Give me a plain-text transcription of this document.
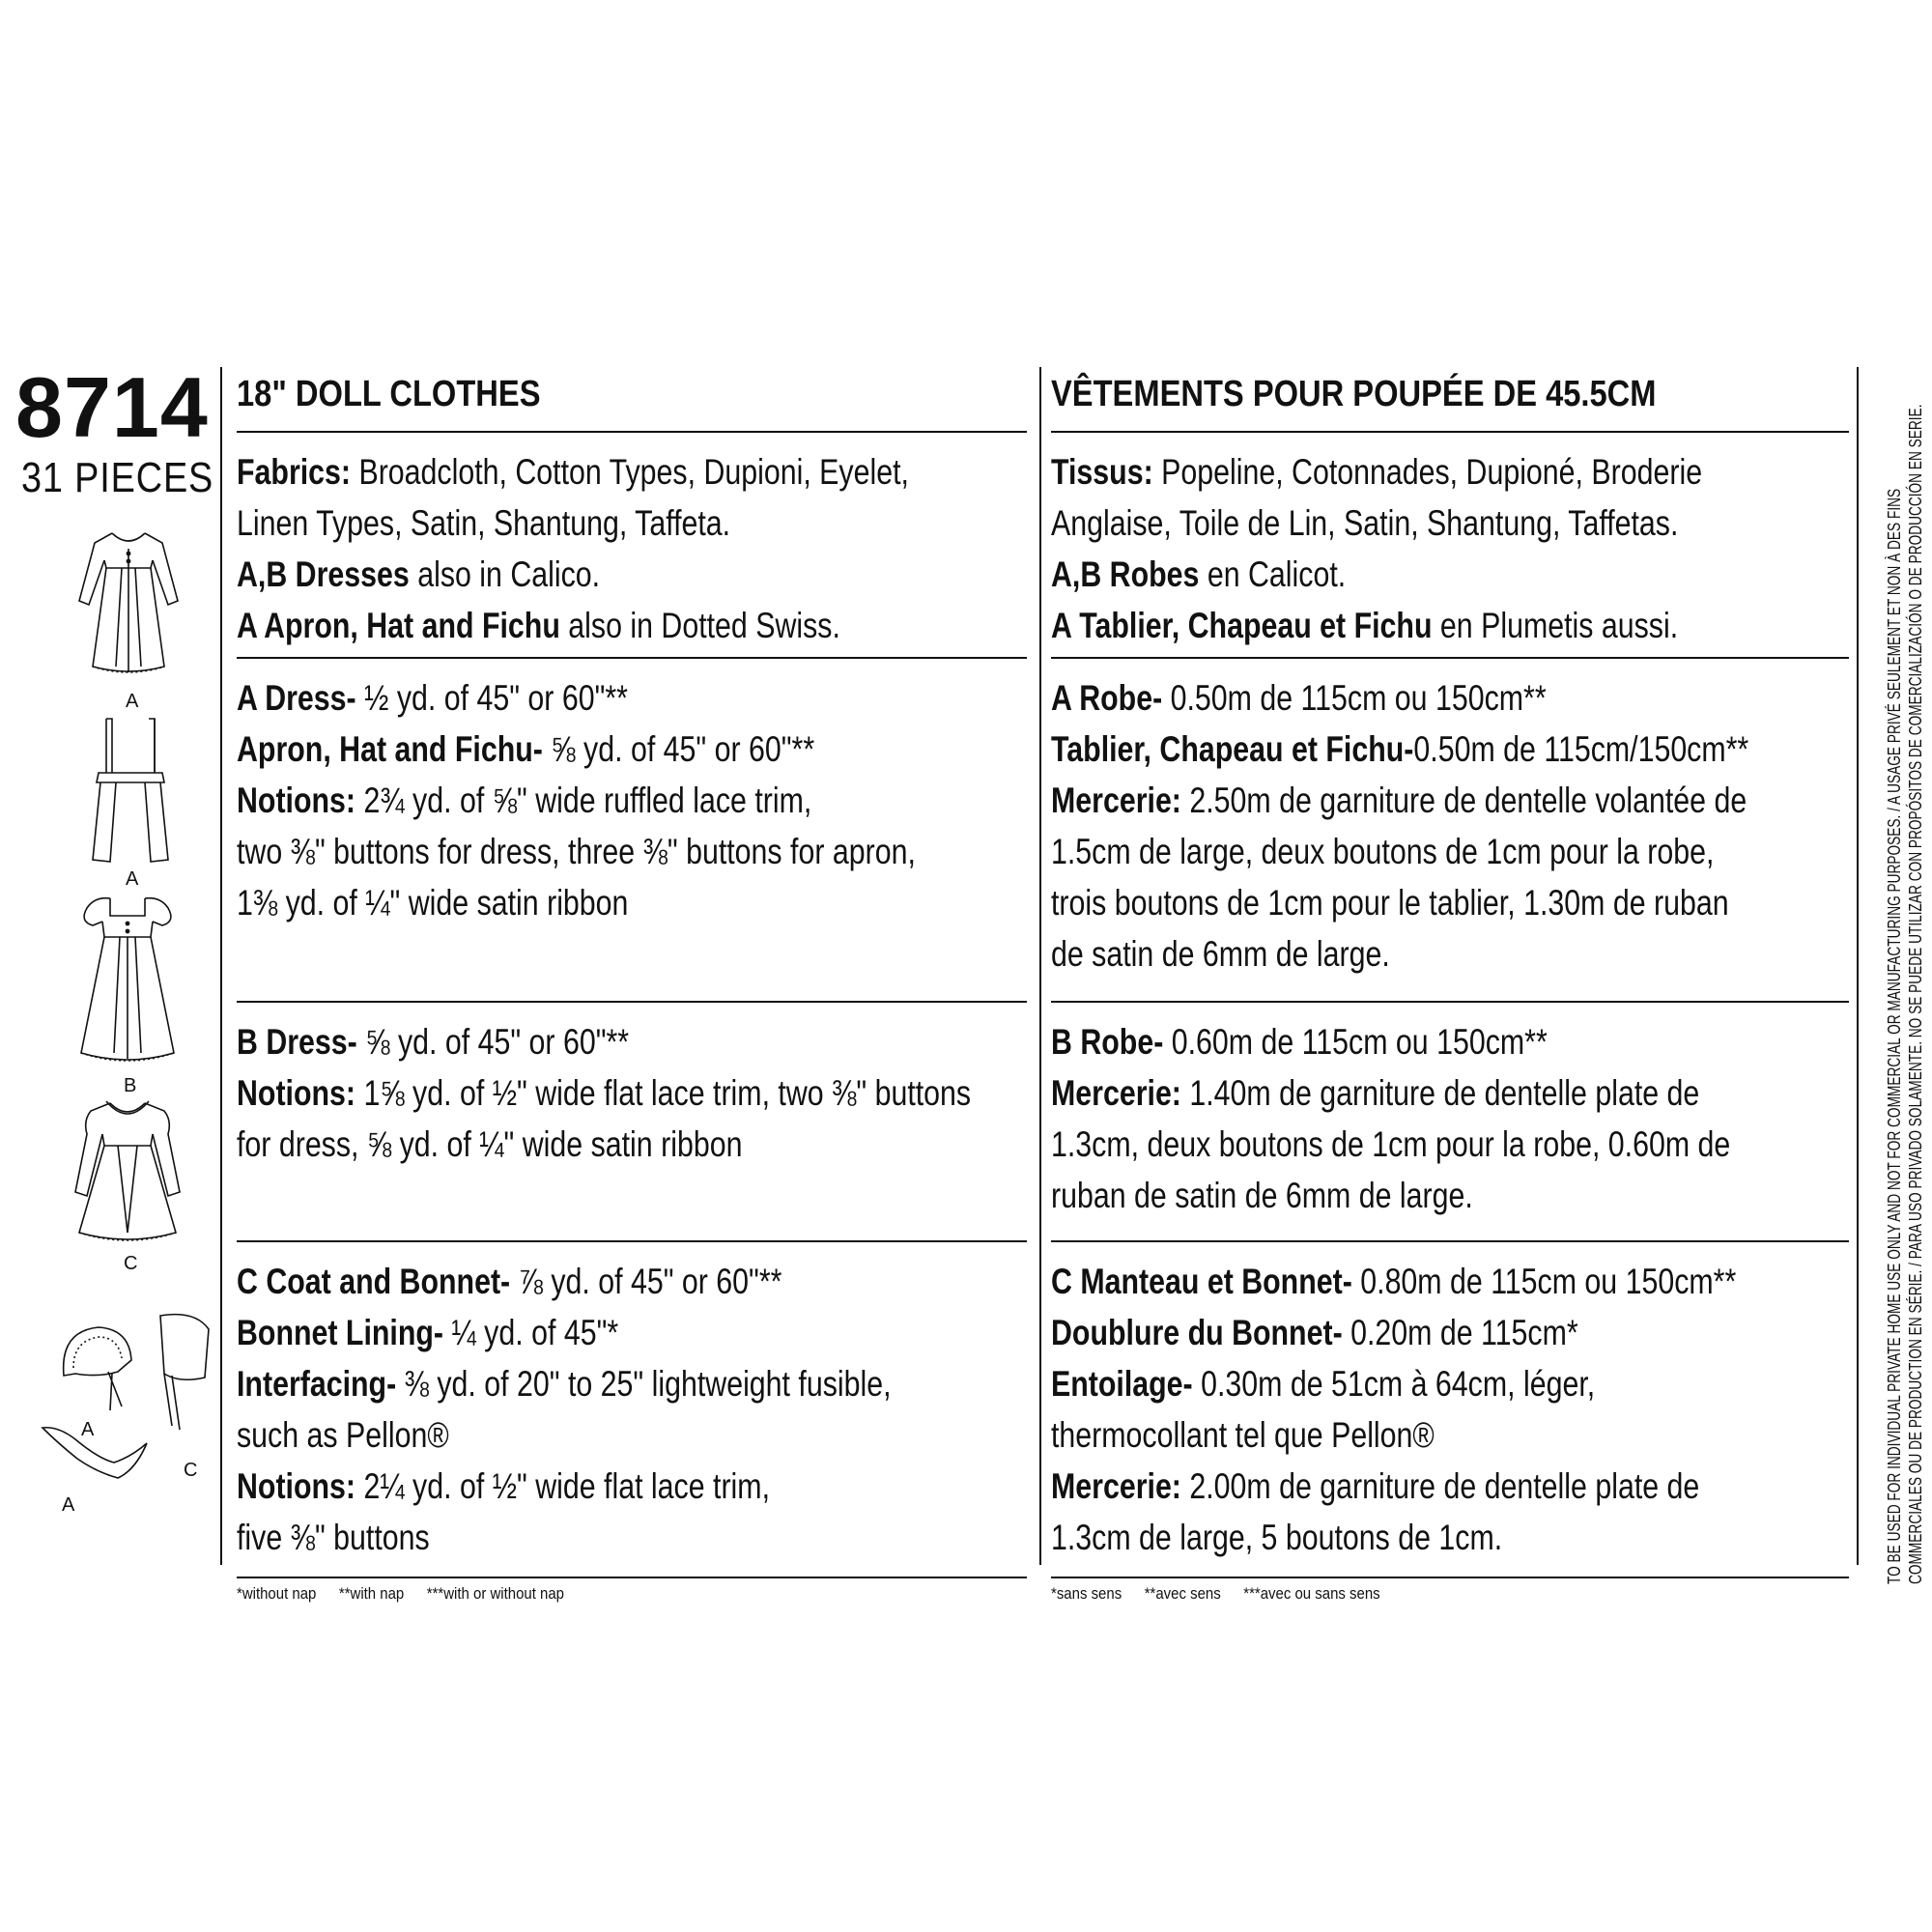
8714
31 PIECES
A
A
B
C
A
C
A
18" DOLL CLOTHES
Fabrics: Broadcloth, Cotton Types, Dupioni, Eyelet,
Linen Types, Satin, Shantung, Taffeta.
A,B Dresses also in Calico.
A Apron, Hat and Fichu also in Dotted Swiss.
A Dress- ½ yd. of 45" or 60"**
Apron, Hat and Fichu- ⅝ yd. of 45" or 60"**
Notions: 2¾ yd. of ⅝" wide ruffled lace trim,
two ⅜" buttons for dress, three ⅜" buttons for apron,
1⅜ yd. of ¼" wide satin ribbon
B Dress- ⅝ yd. of 45" or 60"**
Notions: 1⅝ yd. of ½" wide flat lace trim, two ⅜" buttons
for dress, ⅝ yd. of ¼" wide satin ribbon
C Coat and Bonnet- ⅞ yd. of 45" or 60"**
Bonnet Lining- ¼ yd. of 45"*
Interfacing- ⅜ yd. of 20" to 25" lightweight fusible,
such as Pellon®
Notions: 2¼ yd. of ½" wide flat lace trim,
five ⅜" buttons
*without nap **with nap ***with or without nap
VÊTEMENTS POUR POUPÉE DE 45.5CM
Tissus: Popeline, Cotonnades, Dupioné, Broderie
Anglaise, Toile de Lin, Satin, Shantung, Taffetas.
A,B Robes en Calicot.
A Tablier, Chapeau et Fichu en Plumetis aussi.
A Robe- 0.50m de 115cm ou 150cm**
Tablier, Chapeau et Fichu-0.50m de 115cm/150cm**
Mercerie: 2.50m de garniture de dentelle volantée de
1.5cm de large, deux boutons de 1cm pour la robe,
trois boutons de 1cm pour le tablier, 1.30m de ruban
de satin de 6mm de large.
B Robe- 0.60m de 115cm ou 150cm**
Mercerie: 1.40m de garniture de dentelle plate de
1.3cm, deux boutons de 1cm pour la robe, 0.60m de
ruban de satin de 6mm de large.
C Manteau et Bonnet- 0.80m de 115cm ou 150cm**
Doublure du Bonnet- 0.20m de 115cm*
Entoilage- 0.30m de 51cm à 64cm, léger,
thermocollant tel que Pellon®
Mercerie: 2.00m de garniture de dentelle plate de
1.3cm de large, 5 boutons de 1cm.
*sans sens **avec sens ***avec ou sans sens
TO BE USED FOR INDIVIDUAL PRIVATE HOME USE ONLY AND NOT FOR COMMERCIAL OR MANUFACTURING PURPOSES. / A USAGE PRIVÉ SEULEMENT ET NON À DES FINS COMMERCIALES OU DE PRODUCTION EN SÉRIE. / PARA USO PRIVADO SOLAMENTE. NO SE PUEDE UTILIZAR CON PROPÓSITOS DE COMERCIALIZACIÓN O DE PRODUCCIÓN EN SERIE.
